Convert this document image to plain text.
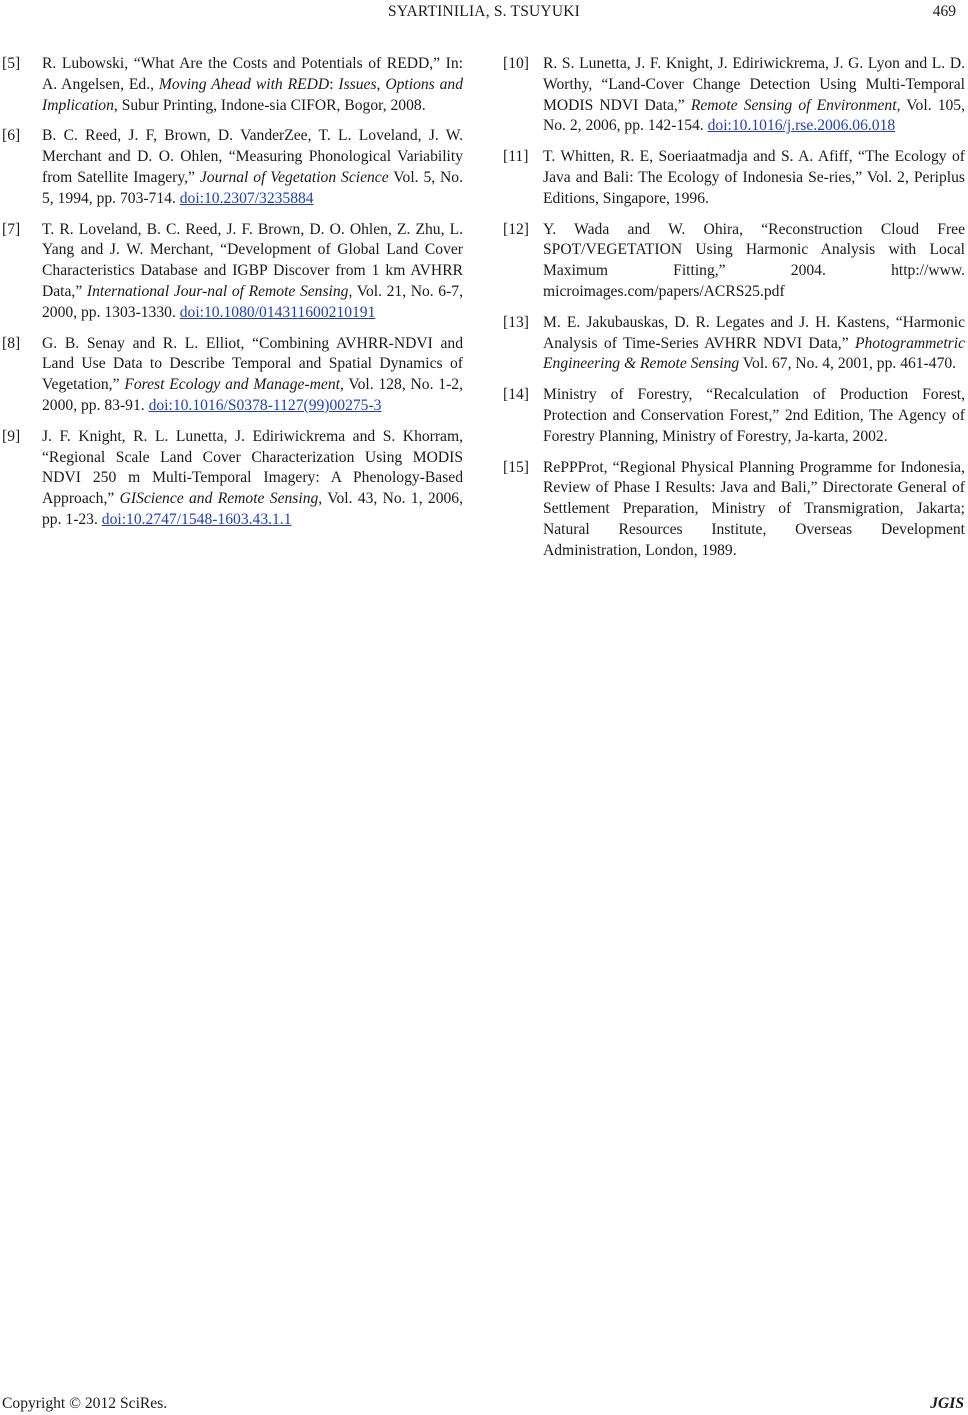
SYARTINILIA, S. TSUYUKI	469
[5]	R. Lubowski, “What Are the Costs and Potentials of REDD,” In: A. Angelsen, Ed., Moving Ahead with REDD: Issues, Options and Implication, Subur Printing, Indone-sia CIFOR, Bogor, 2008.
[6]	B. C. Reed, J. F, Brown, D. VanderZee, T. L. Loveland, J. W. Merchant and D. O. Ohlen, “Measuring Phonological Variability from Satellite Imagery,” Journal of Vegetation Science Vol. 5, No. 5, 1994, pp. 703-714. doi:10.2307/3235884
[7]	T. R. Loveland, B. C. Reed, J. F. Brown, D. O. Ohlen, Z. Zhu, L. Yang and J. W. Merchant, “Development of Global Land Cover Characteristics Database and IGBP Discover from 1 km AVHRR Data,” International Jour-nal of Remote Sensing, Vol. 21, No. 6-7, 2000, pp. 1303-1330. doi:10.1080/014311600210191
[8]	G. B. Senay and R. L. Elliot, “Combining AVHRR-NDVI and Land Use Data to Describe Temporal and Spatial Dynamics of Vegetation,” Forest Ecology and Manage-ment, Vol. 128, No. 1-2, 2000, pp. 83-91. doi:10.1016/S0378-1127(99)00275-3
[9]	J. F. Knight, R. L. Lunetta, J. Ediriwickrema and S. Khorram, “Regional Scale Land Cover Characterization Using MODIS NDVI 250 m Multi-Temporal Imagery: A Phenology-Based Approach,” GIScience and Remote Sensing, Vol. 43, No. 1, 2006, pp. 1-23. doi:10.2747/1548-1603.43.1.1
[10] R. S. Lunetta, J. F. Knight, J. Ediriwickrema, J. G. Lyon and L. D. Worthy, “Land-Cover Change Detection Using Multi-Temporal MODIS NDVI Data,” Remote Sensing of Environment, Vol. 105, No. 2, 2006, pp. 142-154. doi:10.1016/j.rse.2006.06.018
[11] T. Whitten, R. E, Soeriaatmadja and S. A. Afiff, “The Ecology of Java and Bali: The Ecology of Indonesia Se-ries,” Vol. 2, Periplus Editions, Singapore, 1996.
[12] Y. Wada and W. Ohira, “Reconstruction Cloud Free SPOT/VEGETATION Using Harmonic Analysis with Local Maximum Fitting,” 2004. http://www. microimages.com/papers/ACRS25.pdf
[13] M. E. Jakubauskas, D. R. Legates and J. H. Kastens, “Harmonic Analysis of Time-Series AVHRR NDVI Data,” Photogrammetric Engineering & Remote Sensing Vol. 67, No. 4, 2001, pp. 461-470.
[14] Ministry of Forestry, “Recalculation of Production Forest, Protection and Conservation Forest,” 2nd Edition, The Agency of Forestry Planning, Ministry of Forestry, Ja-karta, 2002.
[15] RePPProt, “Regional Physical Planning Programme for Indonesia, Review of Phase I Results: Java and Bali,” Directorate General of Settlement Preparation, Ministry of Transmigration, Jakarta; Natural Resources Institute, Overseas Development Administration, London, 1989.
Copyright © 2012 SciRes.	JGIS
